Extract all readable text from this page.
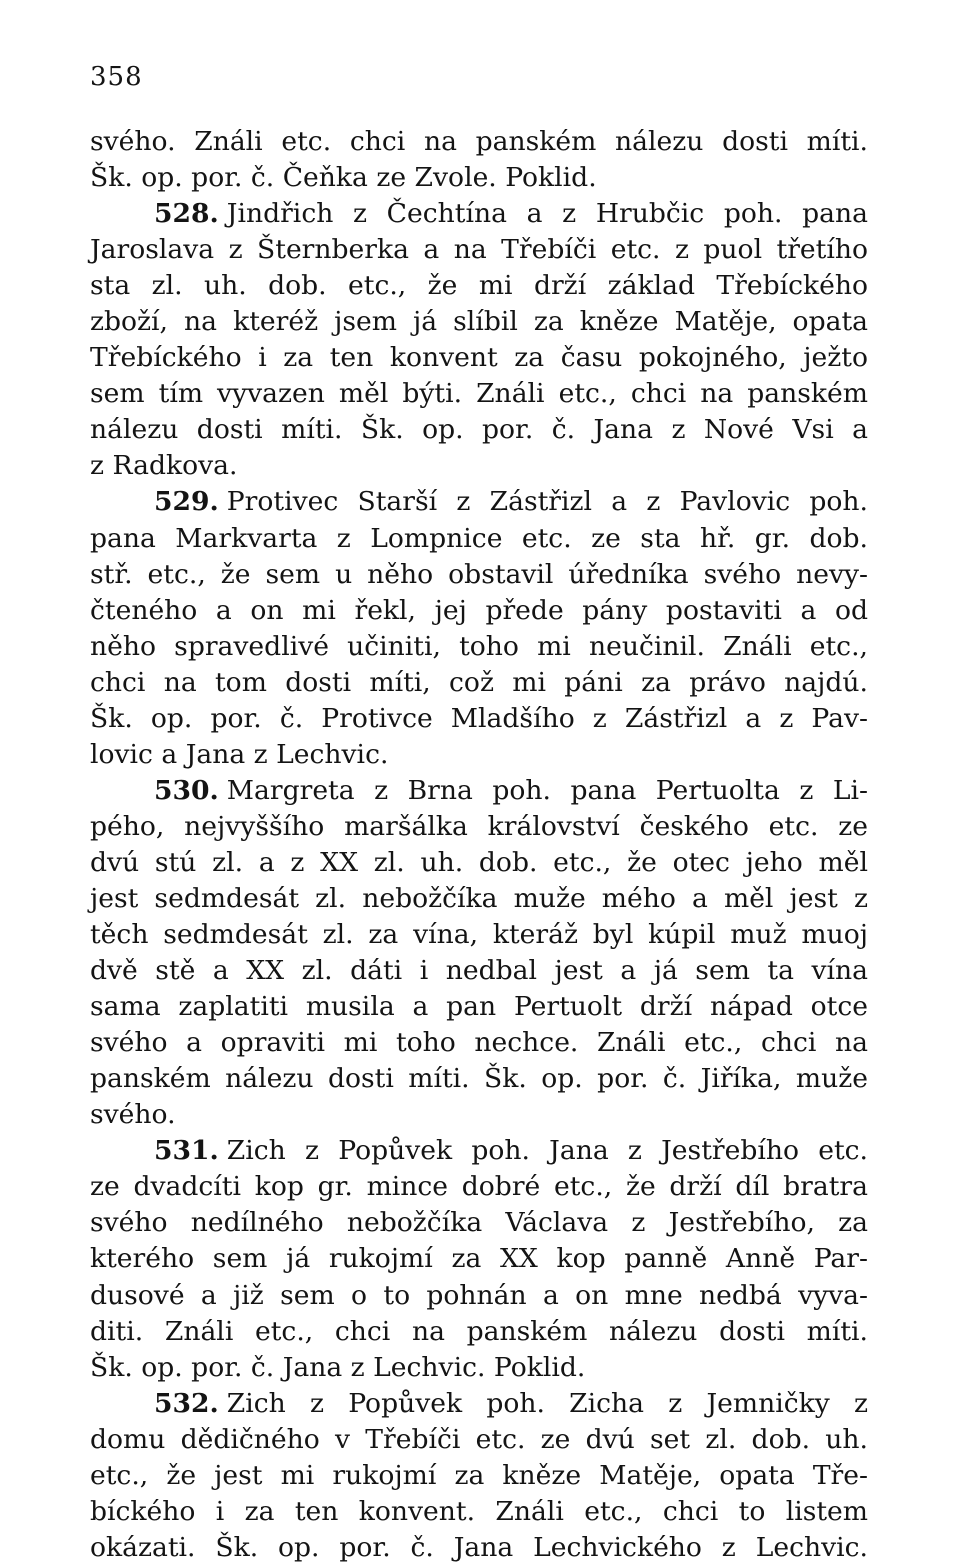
358
svého. Ználi etc. chci na panském nálezu dosti míti.
Šk. op. por. č. Čeňka ze Zvole. Poklid.
528. Jindřich z Čechtína a z Hrubčic poh. pana
Jaroslava z Šternberka a na Třebíči etc. z puol třetího
sta zl. uh. dob. etc., že mi drží základ Třebíckého
zboží, na kteréž jsem já slíbil za kněze Matěje, opata
Třebíckého i za ten konvent za času pokojného, ježto
sem tím vyvazen měl býti. Ználi etc., chci na panském
nálezu dosti míti. Šk. op. por. č. Jana z Nové Vsi a
z Radkova.
529. Protivec Starší z Zástřizl a z Pavlovic poh.
pana Markvarta z Lompnice etc. ze sta hř. gr. dob.
stř. etc., že sem u něho obstavil úředníka svého nevy-
čteného a on mi řekl, jej přede pány postaviti a od
něho spravedlivé učiniti, toho mi neučinil. Ználi etc.,
chci na tom dosti míti, což mi páni za právo najdú.
Šk. op. por. č. Protivce Mladšího z Zástřizl a z Pav-
lovic a Jana z Lechvic.
530. Margreta z Brna poh. pana Pertuolta z Li-
pého, nejvyššího maršálka království českého etc. ze
dvú stú zl. a z XX zl. uh. dob. etc., že otec jeho měl
jest sedmdesát zl. nebožčíka muže mého a měl jest z
těch sedmdesát zl. za vína, kteráž byl kúpil muž muoj
dvě stě a XX zl. dáti i nedbal jest a já sem ta vína
sama zaplatiti musila a pan Pertuolt drží nápad otce
svého a opraviti mi toho nechce. Ználi etc., chci na
panském nálezu dosti míti. Šk. op. por. č. Jiříka, muže
svého.
531. Zich z Popůvek poh. Jana z Jestřebího etc.
ze dvadcíti kop gr. mince dobré etc., že drží díl bratra
svého nedílného nebožčíka Václava z Jestřebího, za
kterého sem já rukojmí za XX kop panně Anně Par-
dusové a již sem o to pohnán a on mne nedbá vyva-
diti. Ználi etc., chci na panském nálezu dosti míti.
Šk. op. por. č. Jana z Lechvic. Poklid.
532. Zich z Popůvek poh. Zicha z Jemničky z
domu dědičného v Třebíči etc. ze dvú set zl. dob. uh.
etc., že jest mi rukojmí za kněze Matěje, opata Tře-
bíckého i za ten konvent. Ználi etc., chci to listem
okázati. Šk. op. por. č. Jana Lechvického z Lechvic.
